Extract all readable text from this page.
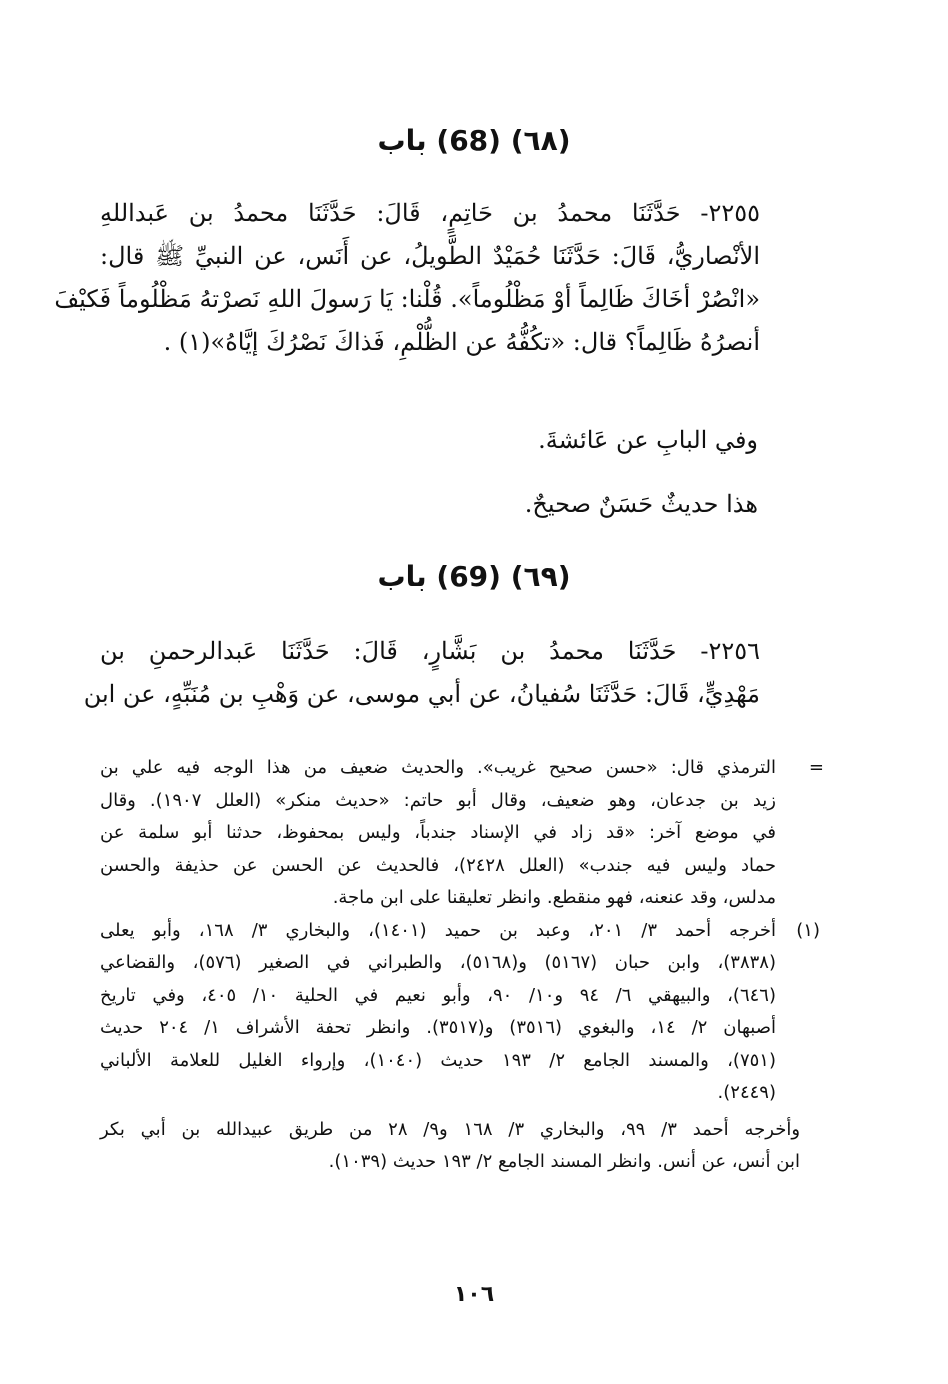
(٦٨) (68) باب
٢٢٥٥- حَدَّثَنَا محمدُ بن حَاتِمٍ، قَالَ: حَدَّثَنَا محمدُ بن عَبداللهِ
الأنْصاريُّ، قَالَ: حَدَّثَنَا حُمَيْدٌ الطَّويلُ، عن أَنَس، عن النبيِّ ﷺ قال:
«انْصُرْ أخَاكَ ظَالِماً أوْ مَظْلُوماً». قُلْنا: يَا رَسولَ اللهِ نَصرْتهُ مَظْلُوماً فَكيْفَ
أنصرُهُ ظَالِماً؟ قال: «تكُفُّهُ عن الظُّلْمِ، فَذاكَ نَصْرُكَ إيَّاهُ»(١) .
وفي البابِ عن عَائشةَ.
هذا حديثٌ حَسَنٌ صحيحٌ.
(٦٩) (69) باب
٢٢٥٦- حَدَّثَنَا محمدُ بن بَشَّارٍ، قَالَ: حَدَّثَنَا عَبدالرحمنِ بن
مَهْدِيٍّ، قَالَ: حَدَّثَنَا سُفيانُ، عن أبي موسى، عن وَهْبِ بن مُنَبِّهٍ، عن ابن
=
الترمذي قال: «حسن صحيح غريب». والحديث ضعيف من هذا الوجه فيه علي بن
زيد بن جدعان، وهو ضعيف، وقال أبو حاتم: «حديث منكر» (العلل ١٩٠٧). وقال
في موضع آخر: «قد زاد في الإسناد جندباً، وليس بمحفوظ، حدثنا أبو سلمة عن
حماد وليس فيه جندب» (العلل ٢٤٢٨)، فالحديث عن الحسن عن حذيفة والحسن
مدلس، وقد عنعنه، فهو منقطع. وانظر تعليقنا على ابن ماجة.
(١)
أخرجه أحمد ٣/ ٢٠١، وعبد بن حميد (١٤٠١)، والبخاري ٣/ ١٦٨، وأبو يعلى
(٣٨٣٨)، وابن حبان (٥١٦٧) و(٥١٦٨)، والطبراني في الصغير (٥٧٦)، والقضاعي
(٦٤٦)، والبيهقي ٦/ ٩٤ و١٠/ ٩٠، وأبو نعيم في الحلية ١٠/ ٤٠٥، وفي تاريخ
أصبهان ٢/ ١٤، والبغوي (٣٥١٦) و(٣٥١٧). وانظر تحفة الأشراف ١/ ٢٠٤ حديث
(٧٥١)، والمسند الجامع ٢/ ١٩٣ حديث (١٠٤٠)، وإرواء الغليل للعلامة الألباني
(٢٤٤٩).
وأخرجه أحمد ٣/ ٩٩، والبخاري ٣/ ١٦٨ و٩/ ٢٨ من طريق عبيدالله بن أبي بكر
ابن أنس، عن أنس. وانظر المسند الجامع ٢/ ١٩٣ حديث (١٠٣٩).
١٠٦
